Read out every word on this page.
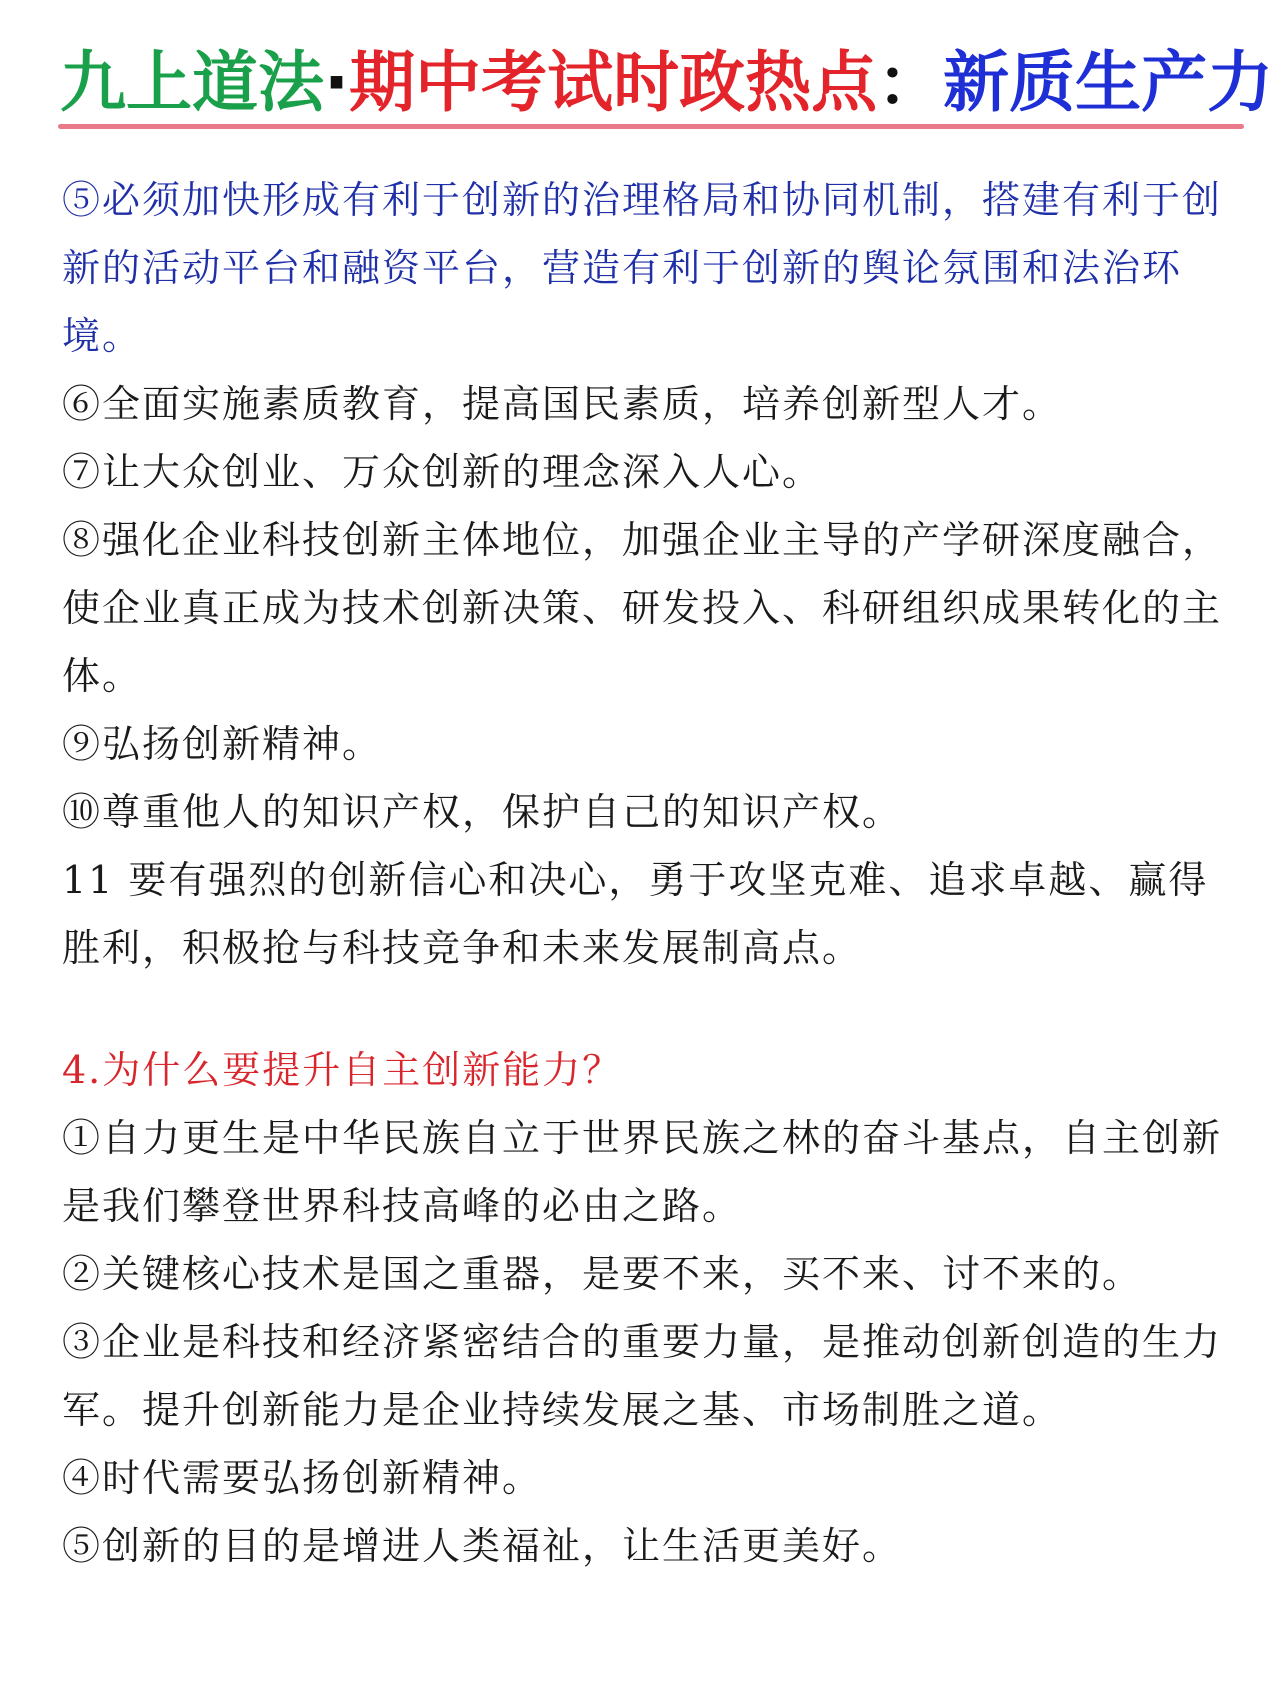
九上道法·期中考试时政热点：新质生产力

⑤必须加快形成有利于创新的治理格局和协同机制，搭建有利于创新的活动平台和融资平台，营造有利于创新的舆论氛围和法治环境。

⑥全面实施素质教育，提高国民素质，培养创新型人才。

⑦让大众创业、万众创新的理念深入人心。

⑧强化企业科技创新主体地位，加强企业主导的产学研深度融合，使企业真正成为技术创新决策、研发投入、科研组织成果转化的主体。

⑨弘扬创新精神。

⑩尊重他人的知识产权，保护自己的知识产权。

11 要有强烈的创新信心和决心，勇于攻坚克难、追求卓越、赢得胜利，积极抢与科技竞争和未来发展制高点。

4.为什么要提升自主创新能力？

①自力更生是中华民族自立于世界民族之林的奋斗基点，自主创新是我们攀登世界科技高峰的必由之路。

②关键核心技术是国之重器，是要不来，买不来、讨不来的。

③企业是科技和经济紧密结合的重要力量，是推动创新创造的生力军。提升创新能力是企业持续发展之基、市场制胜之道。

④时代需要弘扬创新精神。

⑤创新的目的是增进人类福祉，让生活更美好。
